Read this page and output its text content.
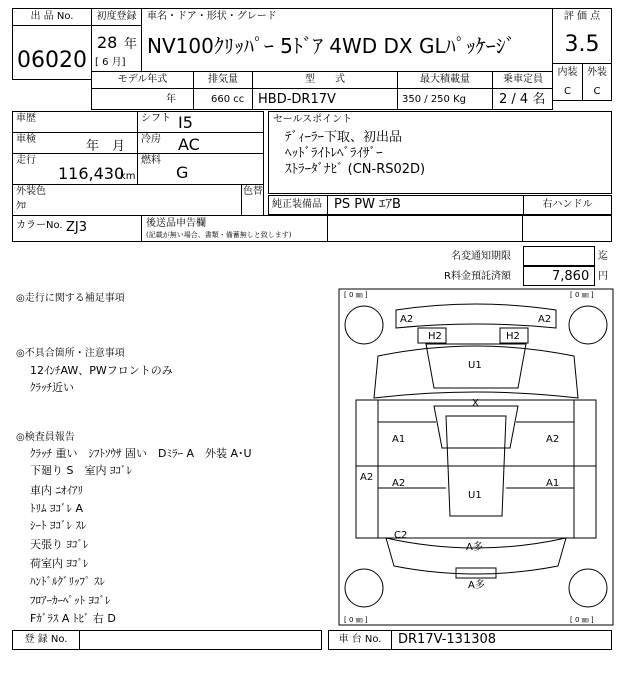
出 品 No.
06020
初度登録
28 年
[ 6 月]
車名・ドア・形状・グレード
NV100ｸﾘｯﾊﾟｰ 5ﾄﾞｱ 4WD DX GLﾊﾟｯｹｰｼﾞ
評 価 点
3.5
内装 外装
C	C
モデル年式	排気量	型　　式	最大積載量	乗車定員
年	660 cc HBD-DR17V	350 / 250 Kg	2 / 4 名
車歴
車検	年　月
走行
116,430
km
シフト I5
冷房 AC
燃料
G
外装色
ｸﾛ
色替
カラーNo. ZJ3	後送品申告欄
(記載が無い場合、書類・備蓄無しと致します)
セールスポイント
ﾃﾞｨｰﾗｰ下取、初出品
ﾍｯﾄﾞﾗｲﾄﾚﾍﾞﾗｲｻﾞｰ
ｽﾄﾗｰﾀﾞﾅﾋﾞ (CN-RS02D)
純正装備品 PS PW ｴｱB	右ハンドル
名変通知期限	迄
R料金預託済額	7,860 円
◎走行に関する補足事項
◎不具合箇所・注意事項
12ｲﾝﾁAW、PWフロントのみ
ｸﾗｯﾁ近い
◎検査員報告
ｸﾗｯﾁ 重い　ｼﾌﾄｿｳｻ 固い　Dﾐﾗｰ A　外装 A･U
下廻り S　室内 ﾖｺﾞﾚ
車内 ﾆｵｲｱﾘ
ﾄﾘﾑ ﾖｺﾞﾚ A
ｼｰﾄ ﾖｺﾞﾚ ｽﾚ
天張り ﾖｺﾞﾚ
荷室内 ﾖｺﾞﾚ
ﾊﾝﾄﾞﾙｸﾞﾘｯﾌﾟ ｽﾚ
ﾌﾛｱｰｶｰﾍﾟｯﾄ ﾖｺﾞﾚ
Fｶﾞﾗｽ A ﾄﾋﾞ 右 D
[ 0 ㎜ ]	[ 0 ㎜ ]
[ 0 ㎜ ]	[ 0 ㎜ ]
A2	A2
H2	H2
U1
X
A1	A2
A2
A2	A1
U1
C2
A多
A多
登 録 No.	車 台 No.	DR17V-131308
